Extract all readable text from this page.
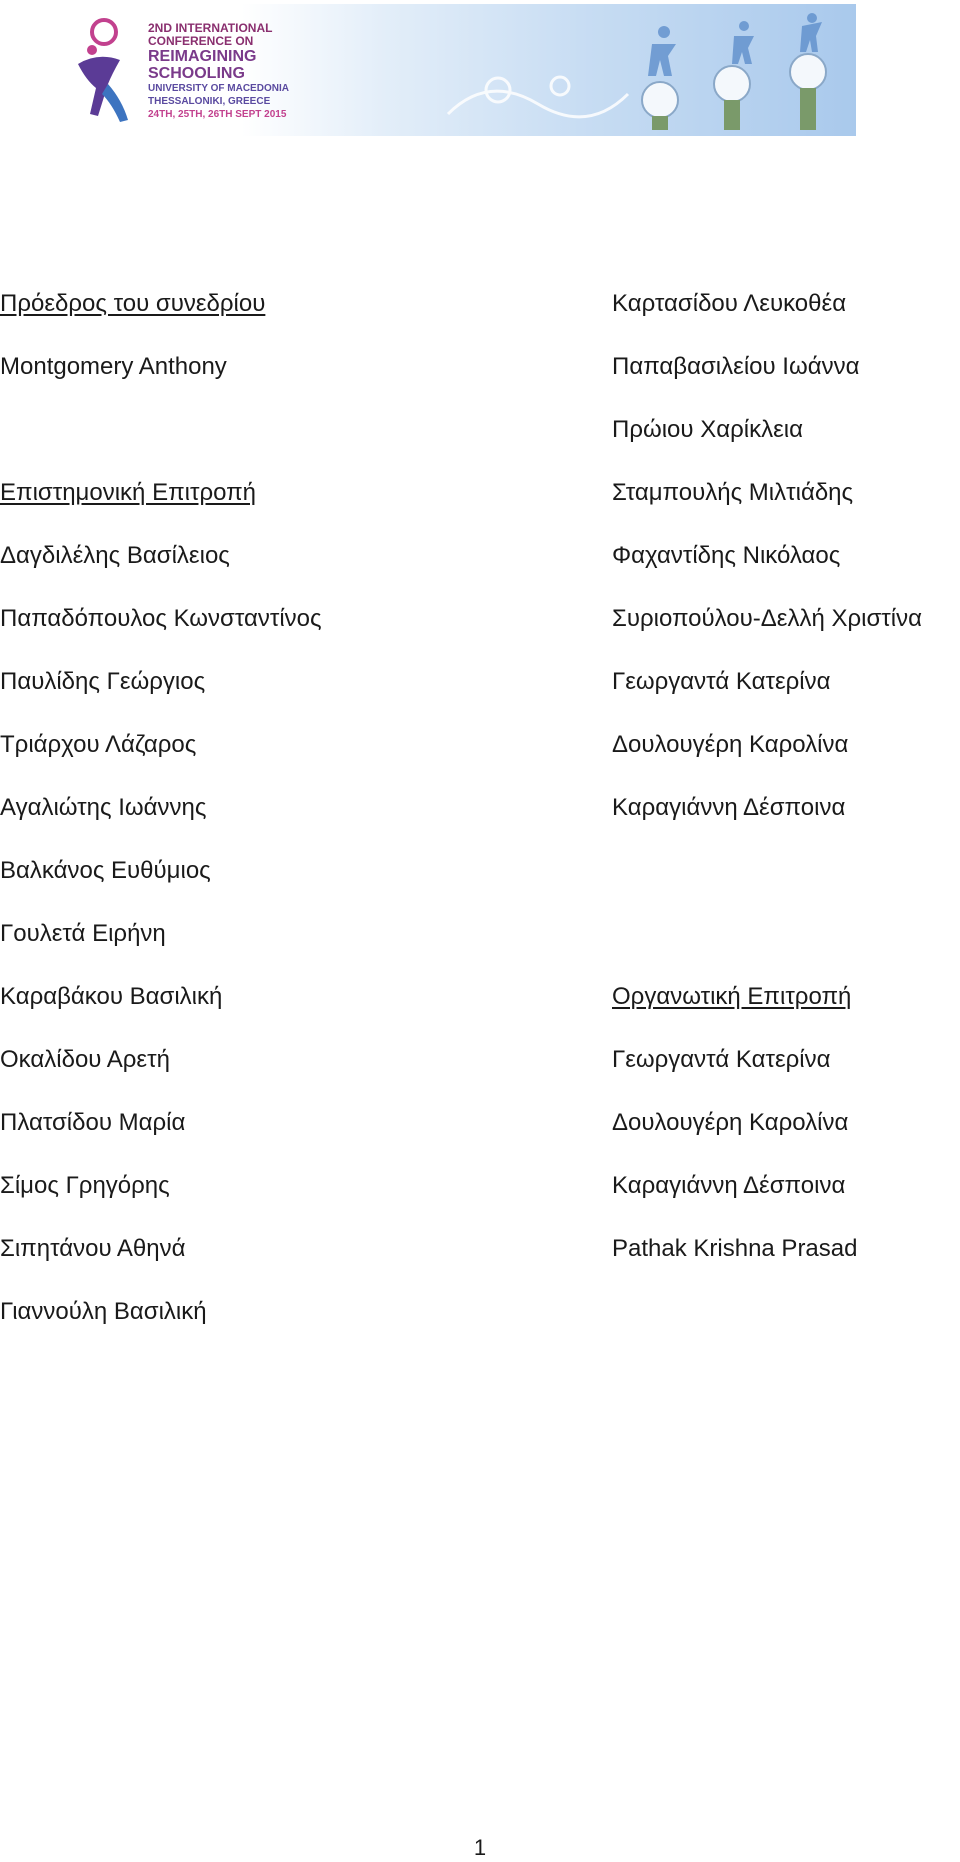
2ND INTERNATIONAL
CONFERENCE ON
REIMAGINING
SCHOOLING
UNIVERSITY OF MACEDONIA
THESSALONIKI, GREECE
24TH, 25TH, 26TH SEPT 2015
Πρόεδρος του συνεδρίου
Montgomery Anthony
Επιστημονική Επιτροπή
Δαγδιλέλης Βασίλειος
Παπαδόπουλος Κωνσταντίνος
Παυλίδης Γεώργιος
Τριάρχου Λάζαρος
Αγαλιώτης Ιωάννης
Βαλκάνος Ευθύμιος
Γουλετά Ειρήνη
Καραβάκου Βασιλική
Οκαλίδου Αρετή
Πλατσίδου Μαρία
Σίμος Γρηγόρης
Σιπητάνου Αθηνά
Γιαννούλη Βασιλική
Καρτασίδου Λευκοθέα
Παπαβασιλείου Ιωάννα
Πρώιου Χαρίκλεια
Σταμπουλής Μιλτιάδης
Φαχαντίδης Νικόλαος
Συριοπούλου-Δελλή Χριστίνα
Γεωργαντά Κατερίνα
Δουλουγέρη Καρολίνα
Καραγιάννη Δέσποινα
Οργανωτική Επιτροπή
Γεωργαντά Κατερίνα
Δουλουγέρη Καρολίνα
Καραγιάννη Δέσποινα
Pathak Krishna Prasad
1
